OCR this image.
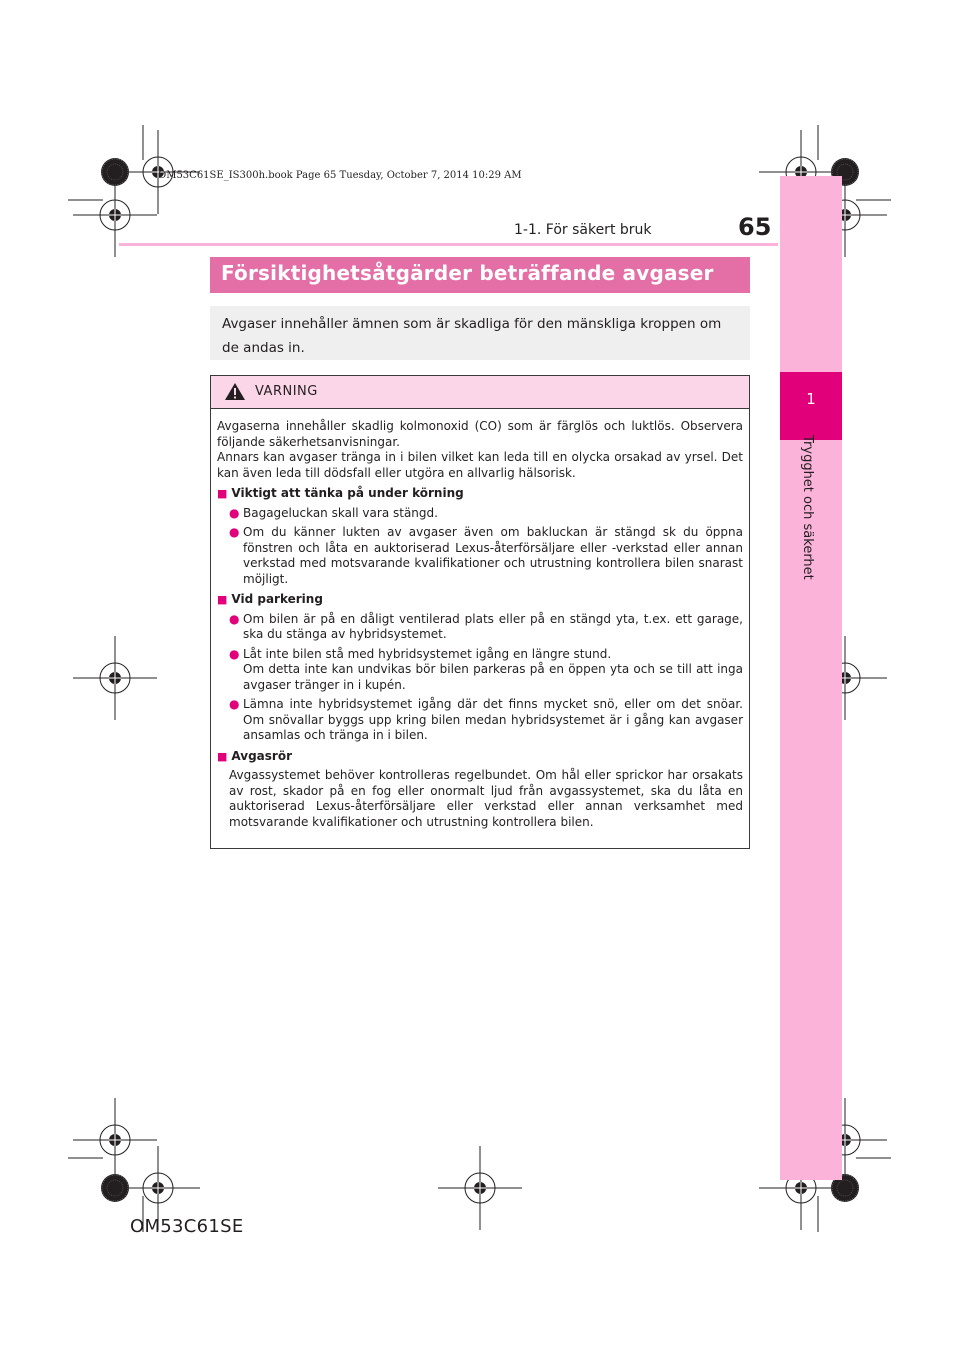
OM53C61SE_IS300h.book Page 65 Tuesday, October 7, 2014 10:29 AM
1
Trygghet och säkerhet
1-1. För säkert bruk	65
Försiktighetsåtgärder beträffande avgaser

Avgaser innehåller ämnen som är skadliga för den mänskliga kroppen om de andas in.

VARNING

Avgaserna innehåller skadlig kolmonoxid (CO) som är färglös och luktlös. Observera följande säkerhetsanvisningar.

Annars kan avgaser tränga in i bilen vilket kan leda till en olycka orsakad av yrsel. Det kan även leda till dödsfall eller utgöra en allvarlig hälsorisk.

■ Viktigt att tänka på under körning
● Bagageluckan skall vara stängd.
● Om du känner lukten av avgaser även om bakluckan är stängd sk du öppna fönstren och låta en auktoriserad Lexus-återförsäljare eller -verkstad eller annan verkstad med motsvarande kvalifikationer och utrustning kontrollera bilen snarast möjligt.
■ Vid parkering
● Om bilen är på en dåligt ventilerad plats eller på en stängd yta, t.ex. ett garage, ska du stänga av hybridsystemet.
● Låt inte bilen stå med hybridsystemet igång en längre stund.
Om detta inte kan undvikas bör bilen parkeras på en öppen yta och se till att inga avgaser tränger in i kupén.
● Lämna inte hybridsystemet igång där det finns mycket snö, eller om det snöar. Om snövallar byggs upp kring bilen medan hybridsystemet är i gång kan avgaser ansamlas och tränga in i bilen.
■ Avgasrör
Avgassystemet behöver kontrolleras regelbundet. Om hål eller sprickor har orsakats av rost, skador på en fog eller onormalt ljud från avgassystemet, ska du låta en auktoriserad Lexus-återförsäljare eller verkstad eller annan verksamhet med motsvarande kvalifikationer och utrustning kontrollera bilen.
OM53C61SE
